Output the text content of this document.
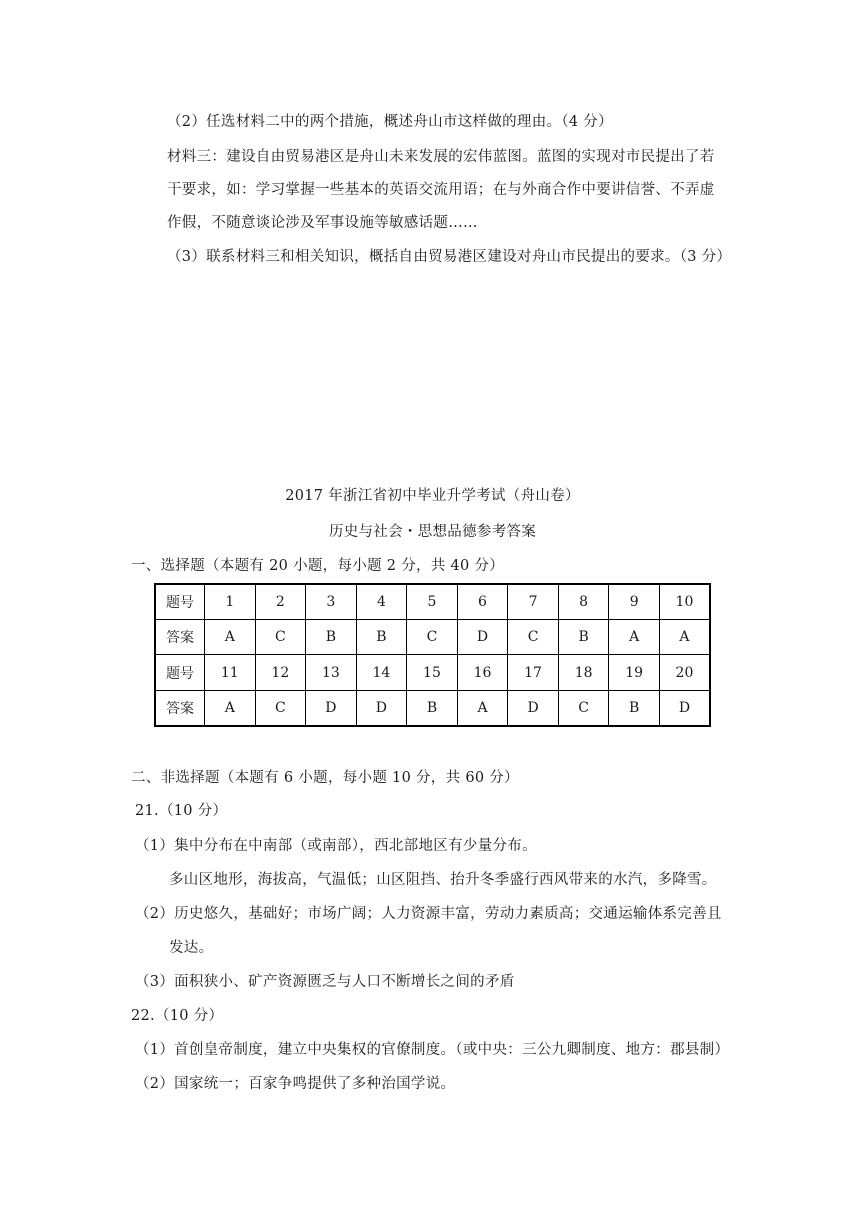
（2）任选材料二中的两个措施，概述舟山市这样做的理由。（4 分）
材料三：建设自由贸易港区是舟山未来发展的宏伟蓝图。蓝图的实现对市民提出了若
干要求，如：学习掌握一些基本的英语交流用语；在与外商合作中要讲信誉、不弄虚
作假，不随意谈论涉及军事设施等敏感话题……
（3）联系材料三和相关知识，概括自由贸易港区建设对舟山市民提出的要求。（3 分）
2017 年浙江省初中毕业升学考试（舟山卷）
历史与社会・思想品德参考答案
一、选择题（本题有 20 小题，每小题 2 分，共 40 分）
题号	1	2	3	4	5	6	7	8	9	10
答案	A	C	B	B	C	D	C	B	A	A
题号	11	12	13	14	15	16	17	18	19	20
答案	A	C	D	D	B	A	D	C	B	D
二、非选择题（本题有 6 小题，每小题 10 分，共 60 分）
21.（10 分）
（1）集中分布在中南部（或南部），西北部地区有少量分布。
多山区地形，海拔高，气温低；山区阻挡、抬升冬季盛行西风带来的水汽，多降雪。
（2）历史悠久，基础好；市场广阔；人力资源丰富，劳动力素质高；交通运输体系完善且
发达。
（3）面积狭小、矿产资源匮乏与人口不断增长之间的矛盾
22.（10 分）
（1）首创皇帝制度，建立中央集权的官僚制度。（或中央：三公九卿制度、地方：郡县制）
（2）国家统一；百家争鸣提供了多种治国学说。
